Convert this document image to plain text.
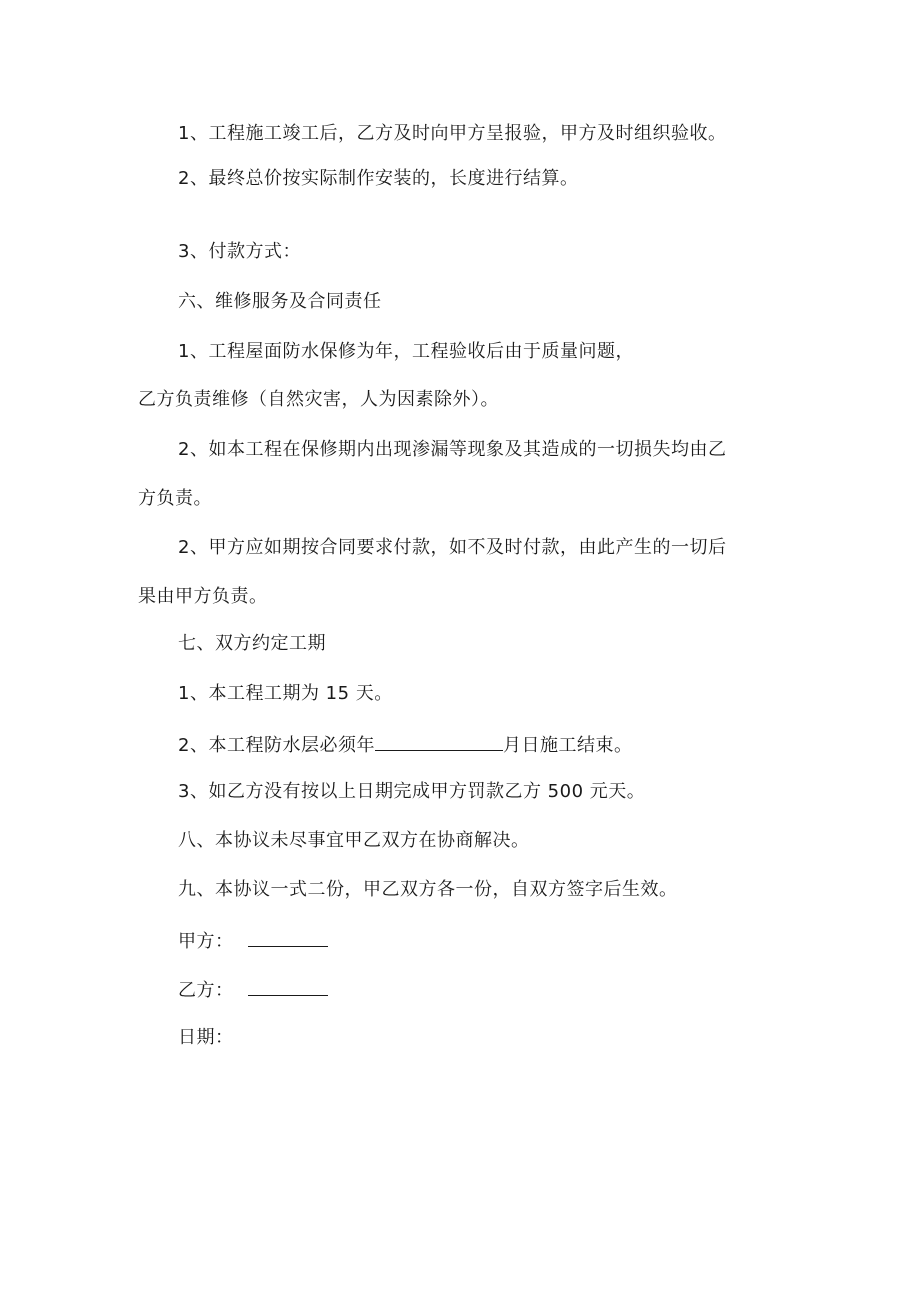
1、工程施工竣工后，乙方及时向甲方呈报验，甲方及时组织验收。
2、最终总价按实际制作安装的，长度进行结算。
3、付款方式：
六、维修服务及合同责任
1、工程屋面防水保修为年，工程验收后由于质量问题，
乙方负责维修（自然灾害，人为因素除外）。
2、如本工程在保修期内出现渗漏等现象及其造成的一切损失均由乙
方负责。
2、甲方应如期按合同要求付款，如不及时付款，由此产生的一切后
果由甲方负责。
七、双方约定工期
1、本工程工期为 15 天。
2、本工程防水层必须年	月日施工结束。
3、如乙方没有按以上日期完成甲方罚款乙方 500 元天。
八、本协议未尽事宜甲乙双方在协商解决。
九、本协议一式二份，甲乙双方各一份，自双方签字后生效。
甲方：
乙方：
日期：
